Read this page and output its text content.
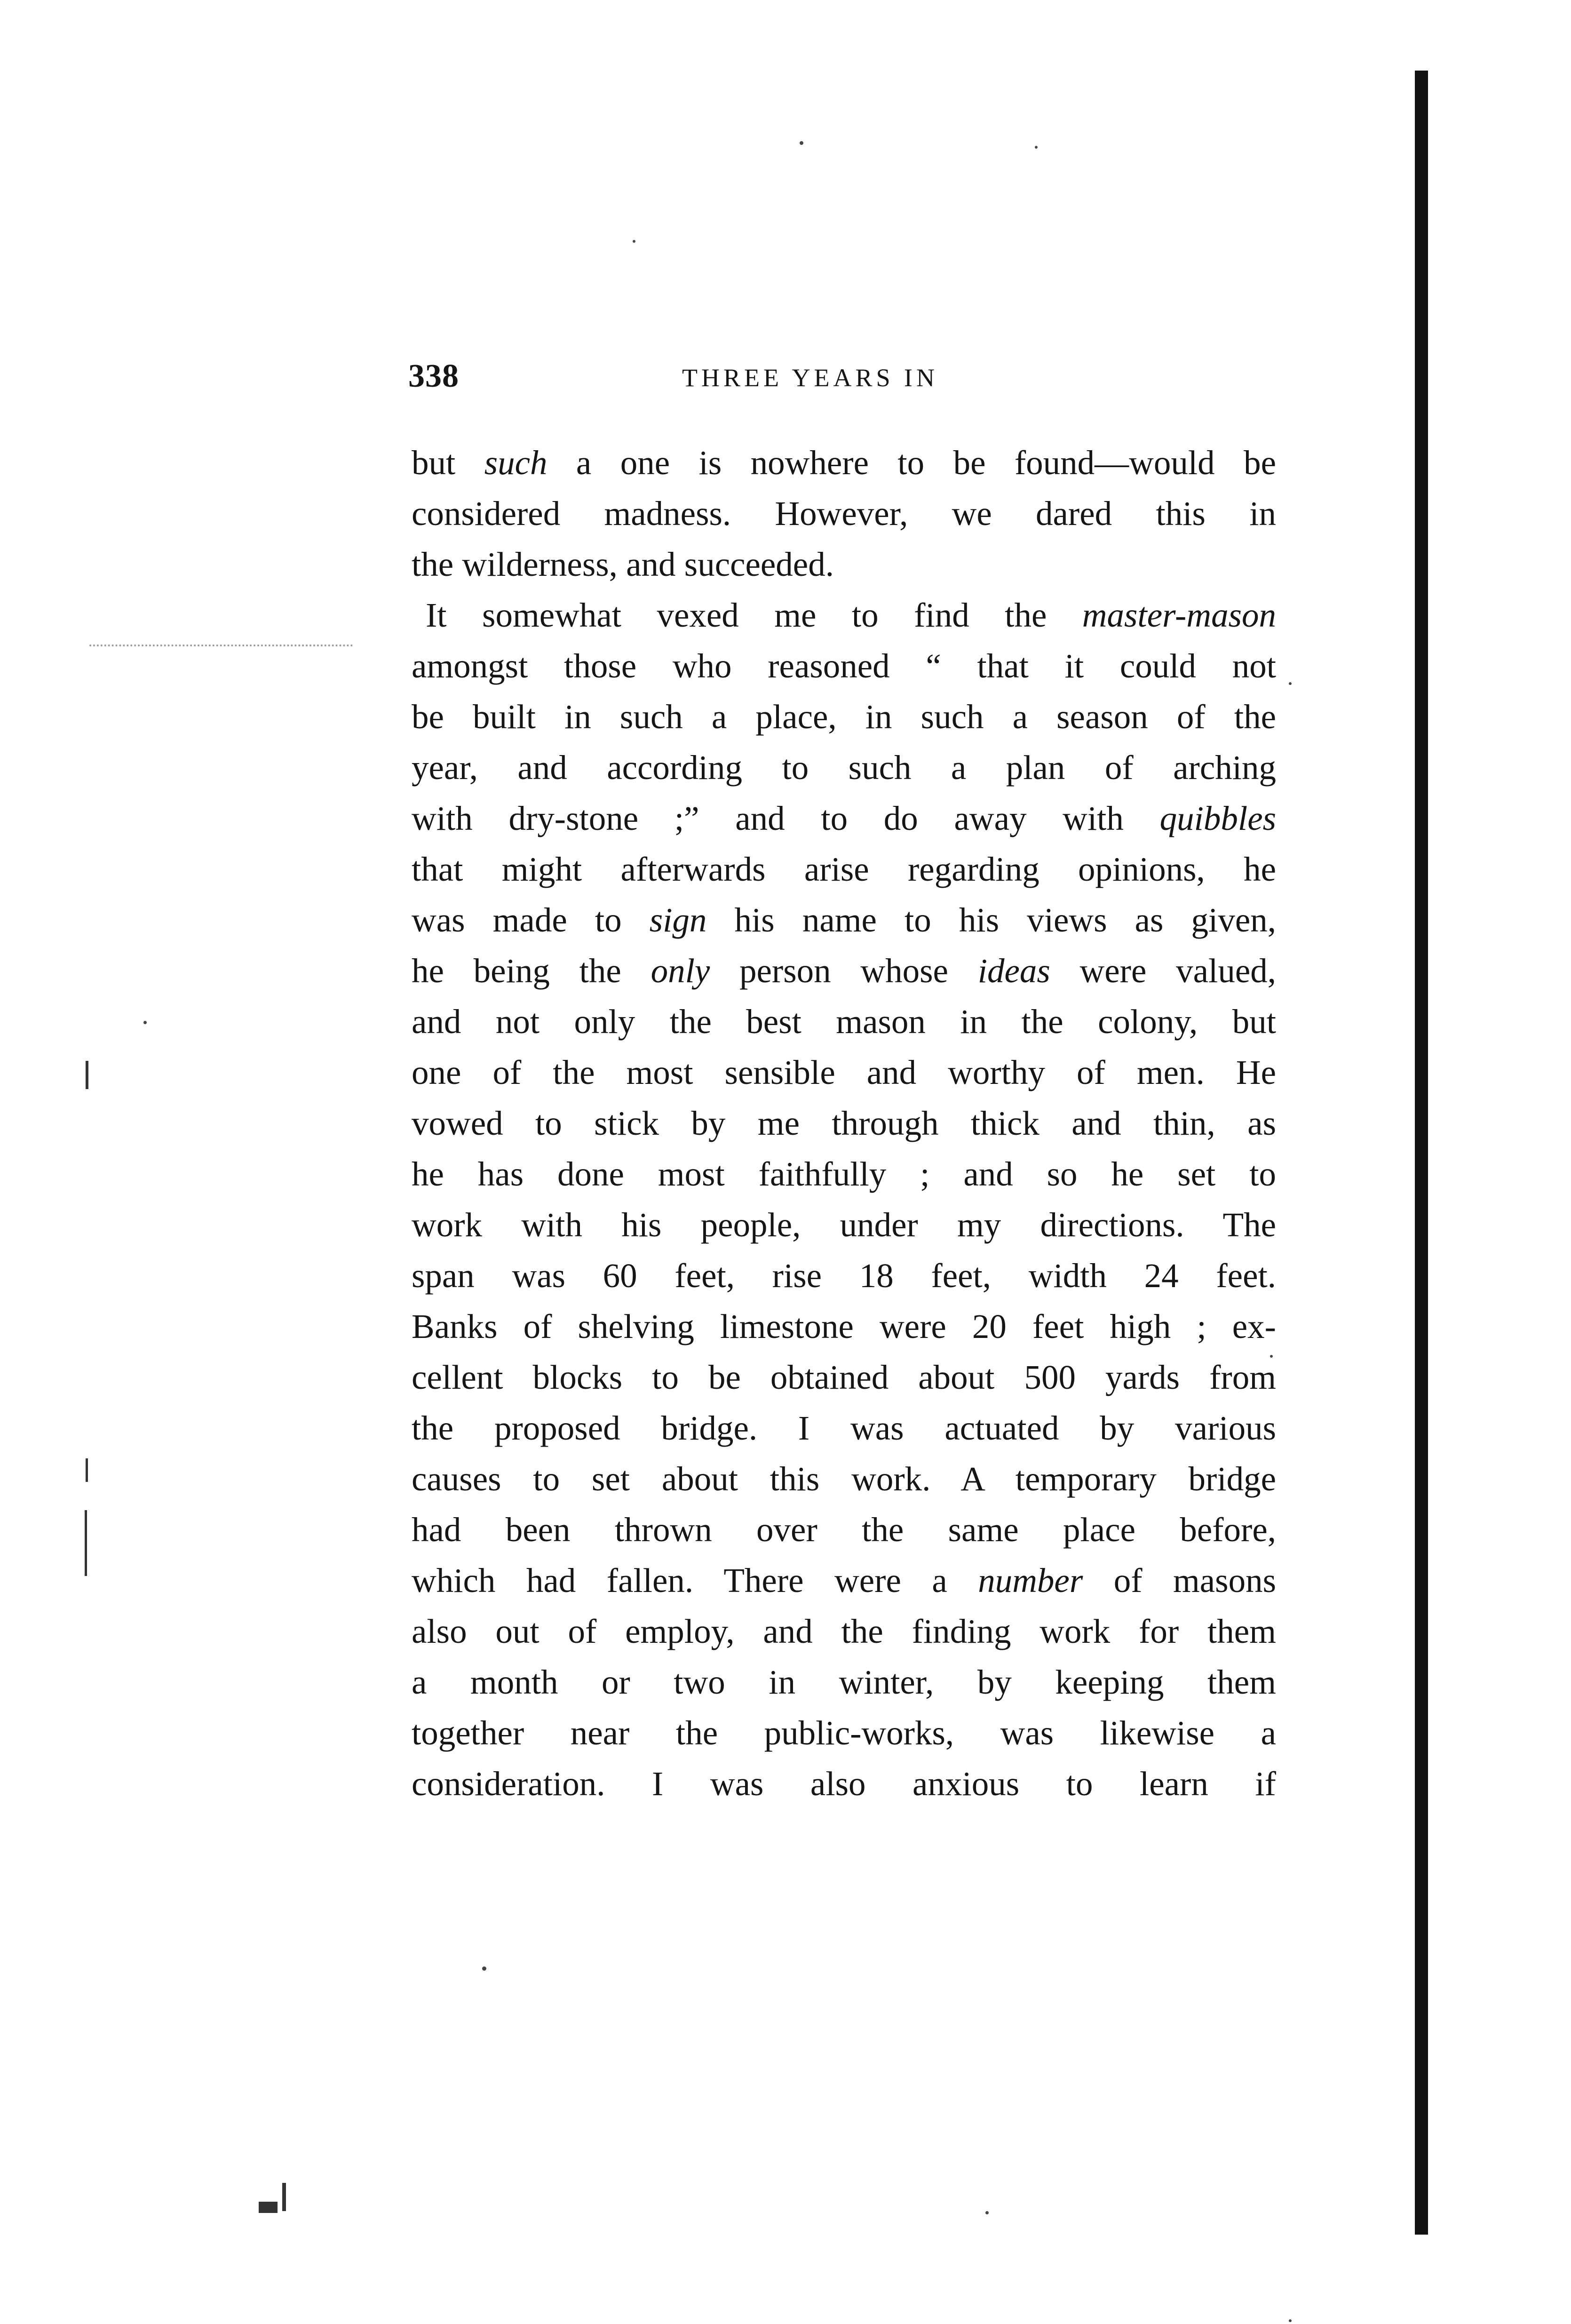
338	THREE YEARS IN
but such a one is nowhere to be found—would be
considered madness. However, we dared this in
the wilderness, and succeeded.
It somewhat vexed me to find the master-mason
amongst those who reasoned “ that it could not
be built in such a place, in such a season of the
year, and according to such a plan of arching
with dry-stone ;” and to do away with quibbles
that might afterwards arise regarding opinions, he
was made to sign his name to his views as given,
he being the only person whose ideas were valued,
and not only the best mason in the colony, but
one of the most sensible and worthy of men. He
vowed to stick by me through thick and thin, as
he has done most faithfully ; and so he set to
work with his people, under my directions. The
span was 60 feet, rise 18 feet, width 24 feet.
Banks of shelving limestone were 20 feet high ; ex-
cellent blocks to be obtained about 500 yards from
the proposed bridge. I was actuated by various
causes to set about this work. A temporary bridge
had been thrown over the same place before,
which had fallen. There were a number of masons
also out of employ, and the finding work for them
a month or two in winter, by keeping them
together near the public-works, was likewise a
consideration. I was also anxious to learn if
